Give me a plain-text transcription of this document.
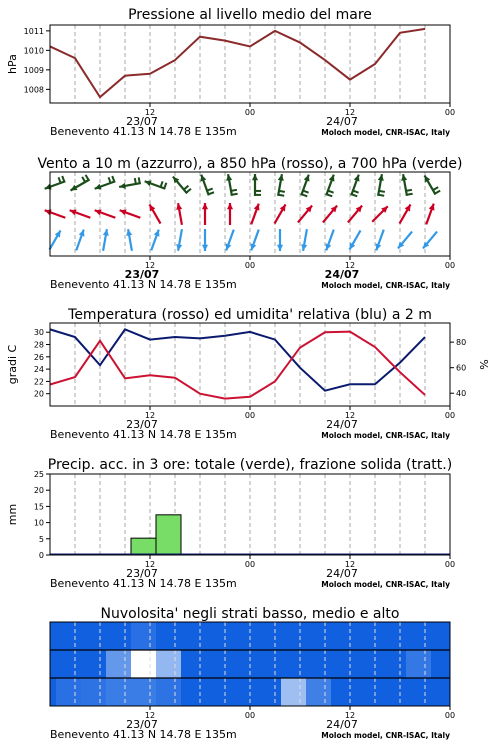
Pressione al livello medio del mare
1008
1009
1010
1011
hPa
12	00	12	00
23/07	24/07
Benevento 41.13 N 14.78 E 135m	Moloch model, CNR-ISAC, Italy
Vento a 10 m (azzurro), a 850 hPa (rosso), a 700 hPa (verde)
12	00	12	00
23/07	24/07
Benevento 41.13 N 14.78 E 135m	Moloch model, CNR-ISAC, Italy
Temperatura (rosso) ed umidita' relativa (blu) a 2 m
20
22
24
26
28
30
40
60
80
gradi C	%
12	00	12	00
23/07	24/07
Benevento 41.13 N 14.78 E 135m	Moloch model, CNR-ISAC, Italy
Precip. acc. in 3 ore: totale (verde), frazione solida (tratt.)
0
5
10
15
20
25
mm
12	00	12	00
23/07	24/07
Benevento 41.13 N 14.78 E 135m	Moloch model, CNR-ISAC, Italy
Nuvolosita' negli strati basso, medio e alto
12	00	12	00
23/07	24/07
Benevento 41.13 N 14.78 E 135m	Moloch model, CNR-ISAC, Italy
